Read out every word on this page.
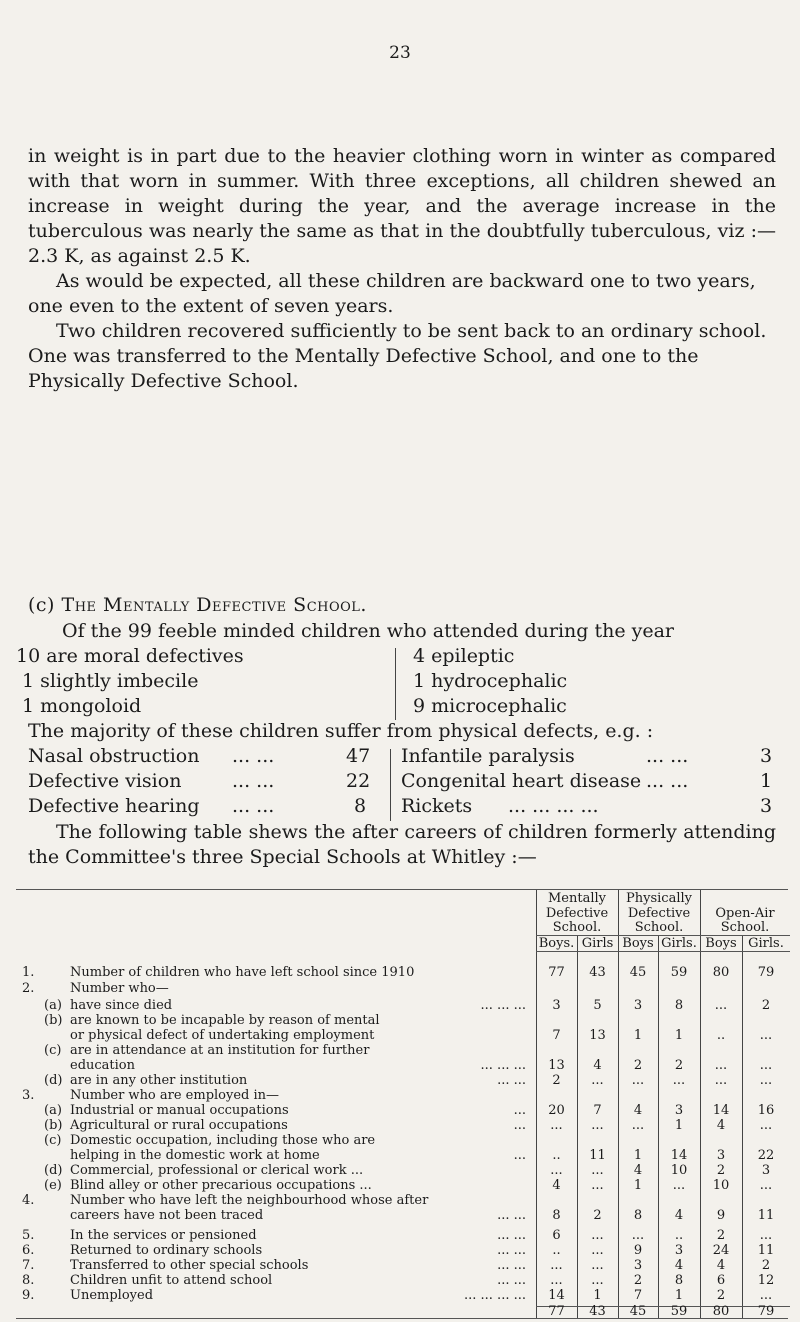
23

in weight is in part due to the heavier clothing worn in winter as compared with that worn in summer. With three exceptions, all children shewed an increase in weight during the year, and the average increase in the tuberculous was nearly the same as that in the doubtfully tuberculous, viz :—2.3 K, as against 2.5 K.

As would be expected, all these children are backward one to two years, one even to the extent of seven years.

Two children recovered sufficiently to be sent back to an ordinary school. One was transferred to the Mentally Defective School, and one to the Physically Defective School.

(c) The Mentally Defective School.
Of the 99 feeble minded children who attended during the year
10 are moral defectives
1 slightly imbecile
1 mongoloid
4 epileptic
1 hydrocephalic
9 microcephalic
The majority of these children suffer from physical defects, e.g. :
Nasal obstruction ... ...	47
Defective vision	... ...	22
Defective hearing ... ...	8
Infantile paralysis	... ...	3
Congenital heart disease ... ...	1
Rickets ... ... ... ...	3

The following table shews the after careers of children formerly attending the Committee's three Special Schools at Whitley :—

Mentally
Defective
School.
Physically
Defective
School.
Open-Air
School.
Boys. Girls Boys Girls. Boys Girls.
1.	Number of children who have left school since 1910	77	43	45	59	80	79
2.	Number who—
(a) have since died	... ... ...	3	5	3	8	...	2
(b) are known to be incapable by reason of mental
or physical defect of undertaking employment	7	13	1	1	..	...
(c) are in attendance at an institution for further
education	... ... ...	13	4	2	2	...	...
(d) are in any other institution	... ...	2	...	...	...	...	...
3.	Number who are employed in—
(a) Industrial or manual occupations	...	20	7	4	3	14	16
(b) Agricultural or rural occupations	...	...	...	...	1	4	...
(c) Domestic occupation, including those who are
helping in the domestic work at home	...	..	11	1	14	3	22
(d) Commercial, professional or clerical work ...	...	...	4	10	2	3
(e) Blind alley or other precarious occupations ...	4	...	1	...	10	...
4.	Number who have left the neighbourhood whose after
careers have not been traced	... ...	8	2	8	4	9	11
5.	In the services or pensioned	... ...	6	...	...	..	2	...
6.	Returned to ordinary schools	... ...	..	...	9	3	24	11
7.	Transferred to other special schools	... ...	...	...	3	4	4	2
8.	Children unfit to attend school	... ...	...	...	2	8	6	12
9.	Unemployed	... ... ... ...	14	1	7	1	2	...
77	43	45	59	80	79
